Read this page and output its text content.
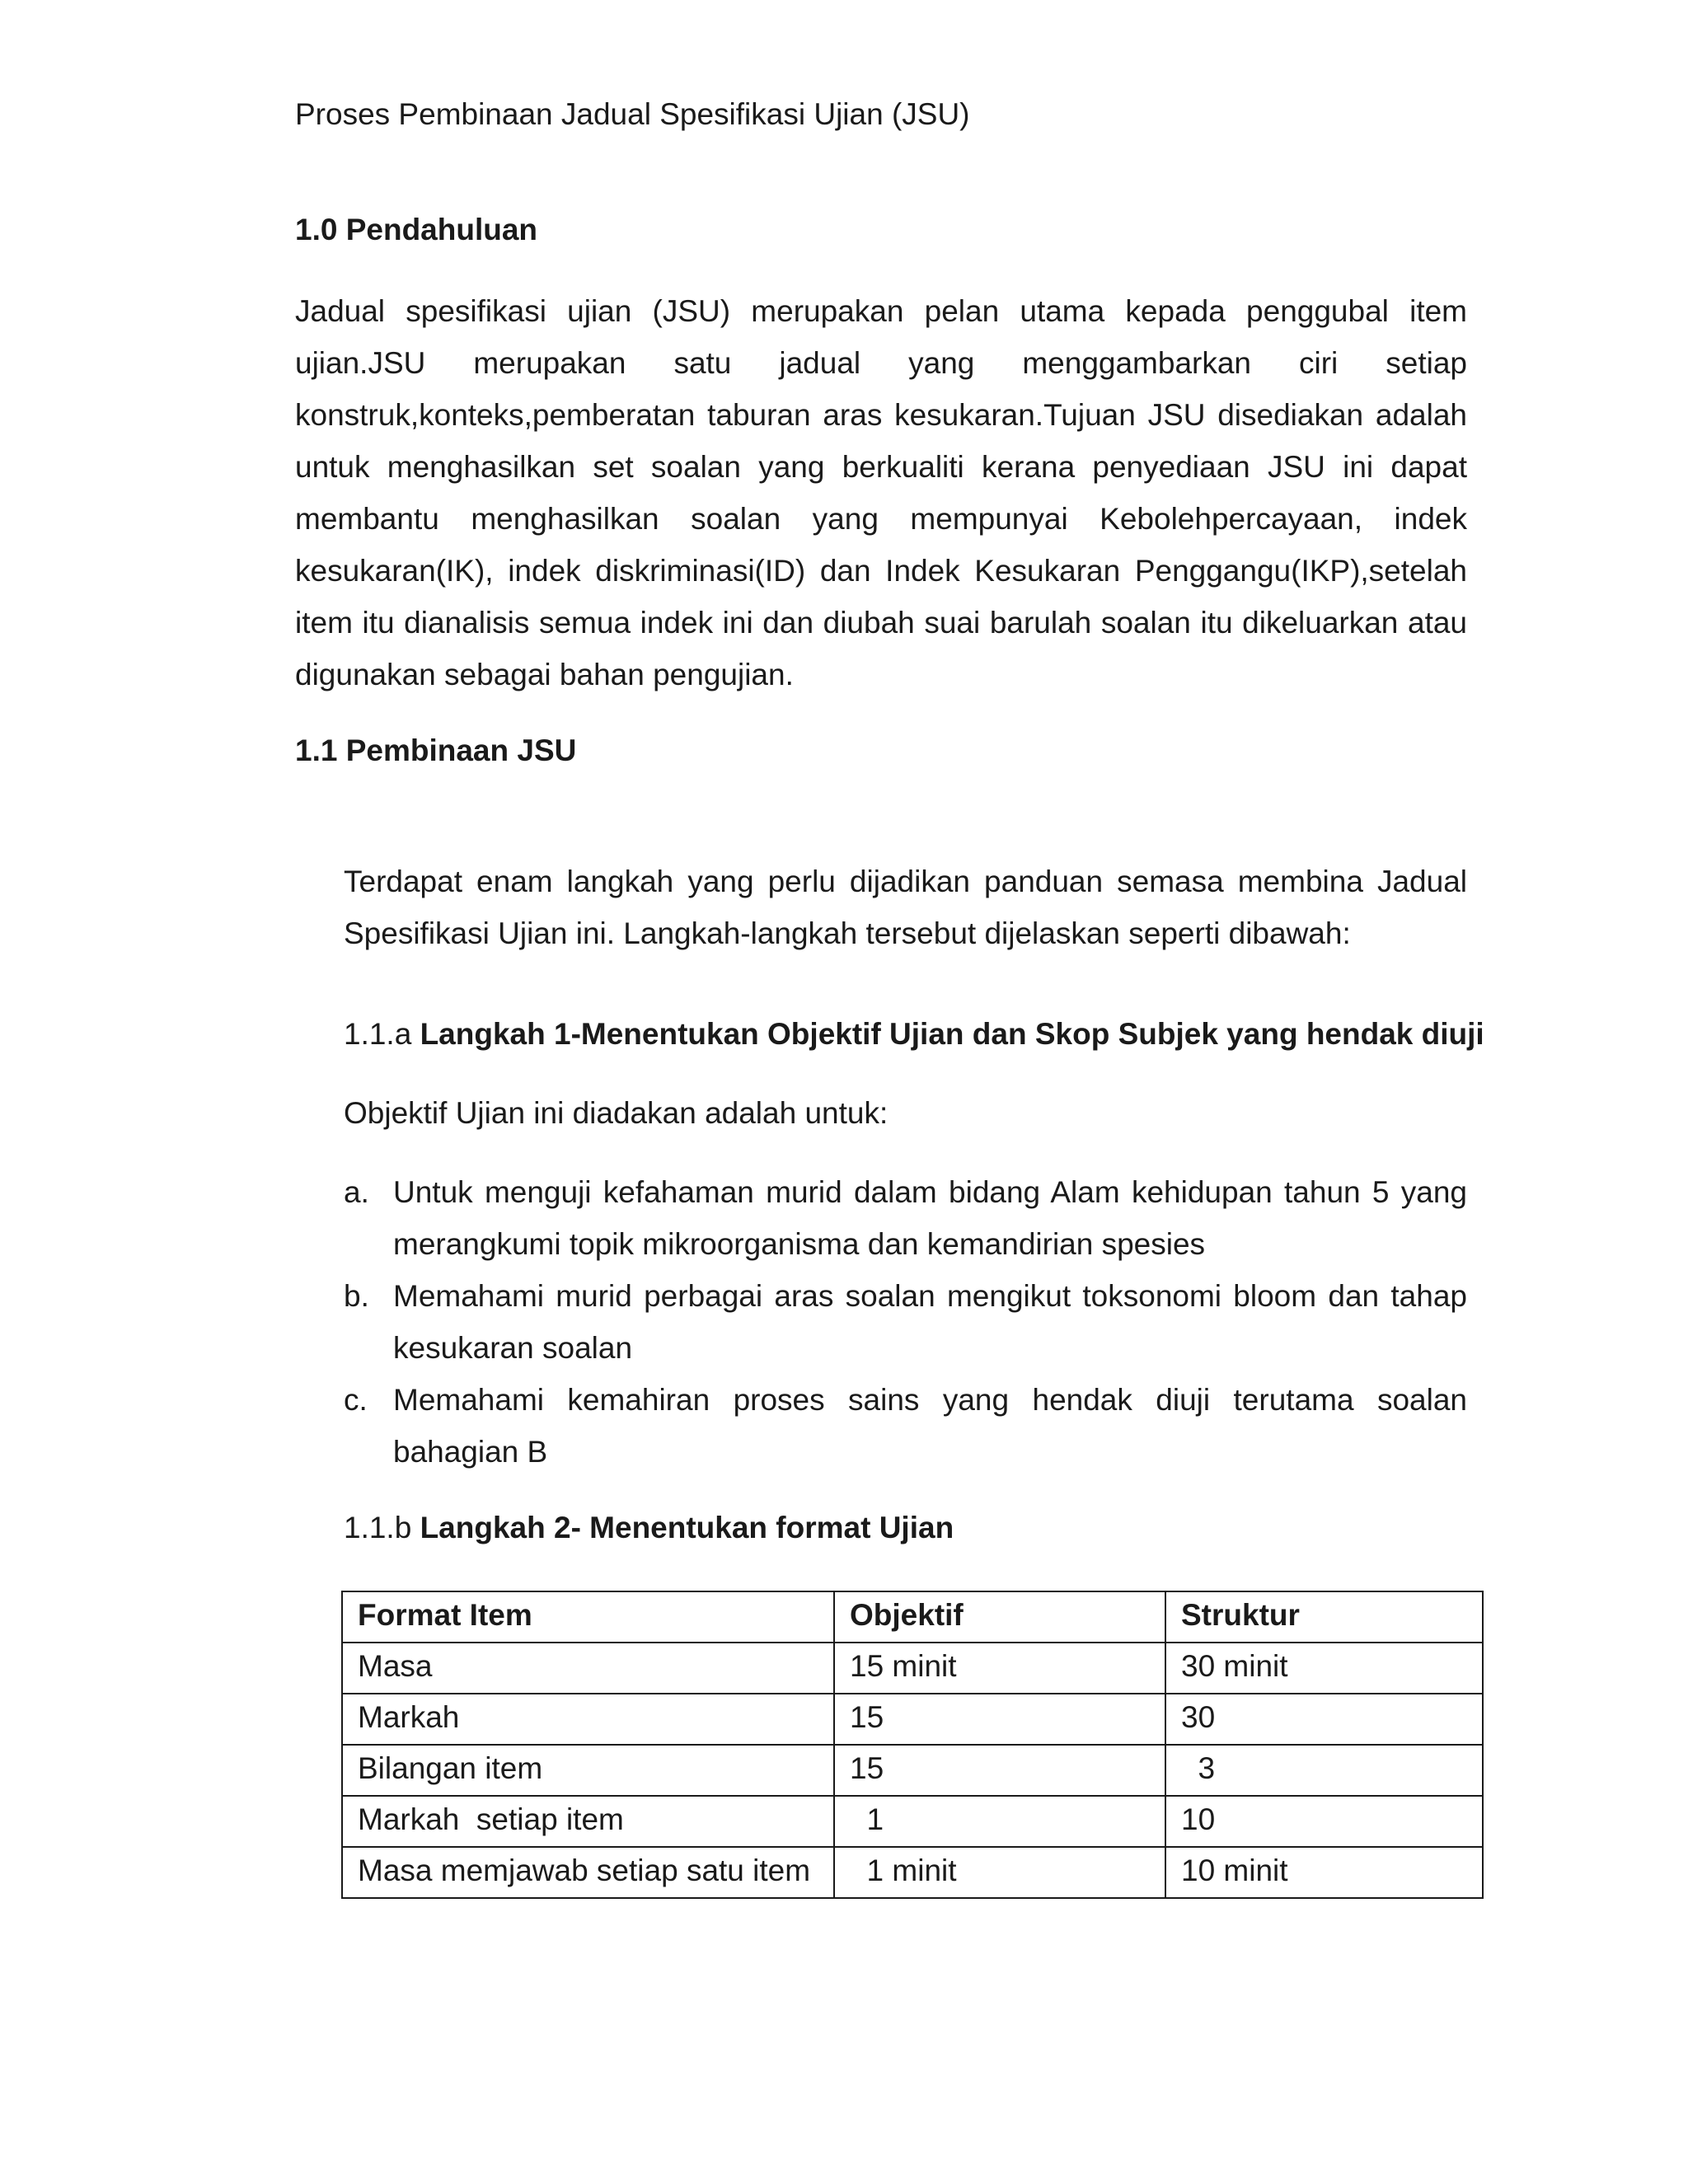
Proses Pembinaan Jadual Spesifikasi Ujian (JSU)
1.0 Pendahuluan
Jadual spesifikasi ujian (JSU) merupakan pelan utama kepada penggubal item ujian.JSU merupakan satu jadual yang menggambarkan ciri setiap konstruk,konteks,pemberatan taburan aras kesukaran.Tujuan JSU disediakan adalah untuk menghasilkan set soalan yang berkualiti kerana penyediaan JSU ini dapat membantu menghasilkan soalan yang mempunyai Kebolehpercayaan, indek kesukaran(IK), indek diskriminasi(ID) dan Indek Kesukaran Penggangu(IKP),setelah item itu dianalisis semua indek ini dan diubah suai barulah soalan itu dikeluarkan atau digunakan sebagai bahan pengujian.
1.1 Pembinaan JSU
Terdapat enam langkah yang perlu dijadikan panduan semasa membina Jadual Spesifikasi Ujian ini. Langkah-langkah tersebut dijelaskan seperti dibawah:
1.1.a Langkah 1-Menentukan Objektif Ujian dan Skop Subjek yang hendak diuji
Objektif Ujian ini diadakan adalah untuk:
a. Untuk menguji kefahaman murid dalam bidang Alam kehidupan tahun 5 yang merangkumi topik mikroorganisma dan kemandirian spesies
b. Memahami murid perbagai aras soalan mengikut toksonomi bloom dan tahap kesukaran soalan
c. Memahami kemahiran proses sains yang hendak diuji terutama soalan bahagian B
1.1.b Langkah 2- Menentukan format Ujian
Format Item	Objektif	Struktur
Masa	15 minit	30 minit
Markah	15	30
Bilangan item	15	3
Markah  setiap item	1	10
Masa memjawab setiap satu item	1 minit	10 minit
